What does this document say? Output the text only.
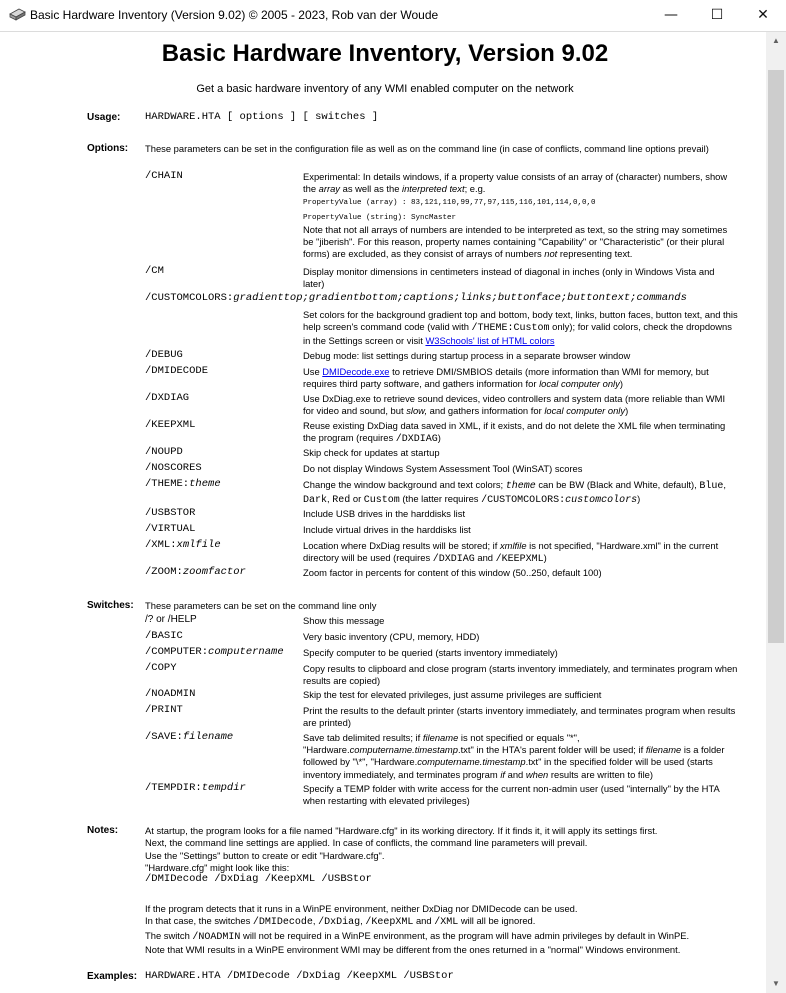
Basic Hardware Inventory (Version 9.02) © 2005 - 2023, Rob van der Woude	—	☐	✕
Basic Hardware Inventory, Version 9.02
Get a basic hardware inventory of any WMI enabled computer on the network
Usage: HARDWARE.HTA [ options ] [ switches ]
Options: These parameters can be set in the configuration file as well as on the command line (in case of conflicts, command line options prevail)
/CHAIN	Experimental: In details windows, if a property value consists of an array of (character) numbers, show the array as well as the interpreted text; e.g.
PropertyValue (array) : 83,121,110,99,77,97,115,116,101,114,0,0,0
PropertyValue (string): SyncMaster
Note that not all arrays of numbers are intended to be interpreted as text, so the string may sometimes be "jiberish". For this reason, property names containing "Capability" or "Characteristic" (or their plural forms) are excluded, as they consist of arrays of numbers not representing text.
/CM	Display monitor dimensions in centimeters instead of diagonal in inches (only in Windows Vista and later)
/CUSTOMCOLORS:gradienttop;gradientbottom;captions;links;buttonface;buttontext;commands
Set colors for the background gradient top and bottom, body text, links, button faces, button text, and this help screen's command code (valid with /THEME:Custom only); for valid colors, check the dropdowns in the Settings screen or visit W3Schools' list of HTML colors
/DEBUG	Debug mode: list settings during startup process in a separate browser window
/DMIDECODE	Use DMIDecode.exe to retrieve DMI/SMBIOS details (more information than WMI for memory, but requires third party software, and gathers information for local computer only)
/DXDIAG	Use DxDiag.exe to retrieve sound devices, video controllers and system data (more reliable than WMI for video and sound, but slow, and gathers information for local computer only)
/KEEPXML	Reuse existing DxDiag data saved in XML, if it exists, and do not delete the XML file when terminating the program (requires /DXDIAG)
/NOUPD	Skip check for updates at startup
/NOSCORES	Do not display Windows System Assessment Tool (WinSAT) scores
/THEME:theme	Change the window background and text colors; theme can be BW (Black and White, default), Blue, Dark, Red or Custom (the latter requires /CUSTOMCOLORS:customcolors)
/USBSTOR	Include USB drives in the harddisks list
/VIRTUAL	Include virtual drives in the harddisks list
/XML:xmlfile	Location where DxDiag results will be stored; if xmlfile is not specified, "Hardware.xml" in the current directory will be used (requires /DXDIAG and /KEEPXML)
/ZOOM:zoomfactor	Zoom factor in percents for content of this window (50..250, default 100)
Switches: These parameters can be set on the command line only
/? or /HELP	Show this message
/BASIC	Very basic inventory (CPU, memory, HDD)
/COMPUTER:computername Specify computer to be queried (starts inventory immediately)
/COPY	Copy results to clipboard and close program (starts inventory immediately, and terminates program when results are copied)
/NOADMIN	Skip the test for elevated privileges, just assume privileges are sufficient
/PRINT	Print the results to the default printer (starts inventory immediately, and terminates program when results are printed)
/SAVE:filename	Save tab delimited results; if filename is not specified or equals "*", "Hardware.computername.timestamp.txt" in the HTA's parent folder will be used; if filename is a folder followed by "\*", "Hardware.computername.timestamp.txt" in the specified folder will be used (starts inventory immediately, and terminates program if and when results are written to file)
/TEMPDIR:tempdir	Specify a TEMP folder with write access for the current non-admin user (used "internally" by the HTA when restarting with elevated privileges)
Notes:	At startup, the program looks for a file named "Hardware.cfg" in its working directory. If it finds it, it will apply its settings first.
Next, the command line settings are applied. In case of conflicts, the command line parameters will prevail.
Use the "Settings" button to create or edit "Hardware.cfg".
"Hardware.cfg" might look like this:
/DMIDecode /DxDiag /KeepXML /USBStor
If the program detects that it runs in a WinPE environment, neither DxDiag nor DMIDecode can be used.
In that case, the switches /DMIDecode, /DxDiag, /KeepXML and /XML will all be ignored.
The switch /NOADMIN will not be required in a WinPE environment, as the program will have admin privileges by default in WinPE.
Note that WMI results in a WinPE environment WMI may be different from the ones returned in a "normal" Windows environment.
Examples: HARDWARE.HTA /DMIDecode /DxDiag /KeepXML /USBStor
▲
▼
